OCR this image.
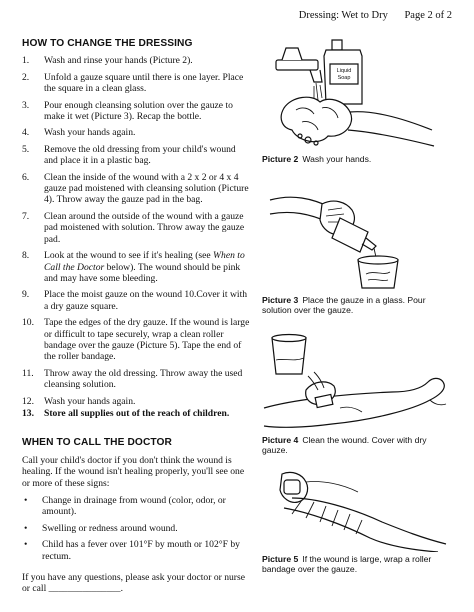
Dressing: Wet to Dry Page 2 of 2
HOW TO CHANGE THE DRESSING
1.	Wash and rinse your hands (Picture 2).
2.	Unfold a gauze square until there is one layer. Place the square in a clean glass.
3.	Pour enough cleansing solution over the gauze to make it wet (Picture 3). Recap the bottle.
4.	Wash your hands again.
5.	Remove the old dressing from your child's wound and place it in a plastic bag.
6.	Clean the inside of the wound with a 2 x 2 or 4 x 4 gauze pad moistened with cleansing solution (Picture 4). Throw away the gauze pad in the bag.
7.	Clean around the outside of the wound with a gauze pad moistened with solution. Throw away the gauze pad.
8.	Look at the wound to see if it's healing (see When to Call the Doctor below). The wound should be pink and may have some bleeding.
9.	Place the moist gauze on the wound 10.Cover it with a dry gauze square.
10.	Tape the edges of the dry gauze. If the wound is large or difficult to tape securely, wrap a clean roller bandage over the gauze (Picture 5). Tape the end of the roller bandage.
11.	Throw away the old dressing. Throw away the used cleansing solution.
12.	Wash your hands again.
13.	Store all supplies out of the reach of children.
WHEN TO CALL THE DOCTOR

Call your child's doctor if you don't think the wound is healing. If the wound isn't healing properly, you'll see one or more of these signs:

•	Change in drainage from wound (color, odor, or amount).
•	Swelling or redness around wound.
•	Child has a fever over 101°F by mouth or 102°F by rectum.

If you have any questions, please ask your doctor or nurse or call _______________.

Liquid
Soap
Picture 2 Wash your hands.
Picture 3 Place the gauze in a glass. Pour solution over the gauze.
Picture 4 Clean the wound. Cover with dry gauze.
Picture 5 If the wound is large, wrap a roller bandage over the gauze.
